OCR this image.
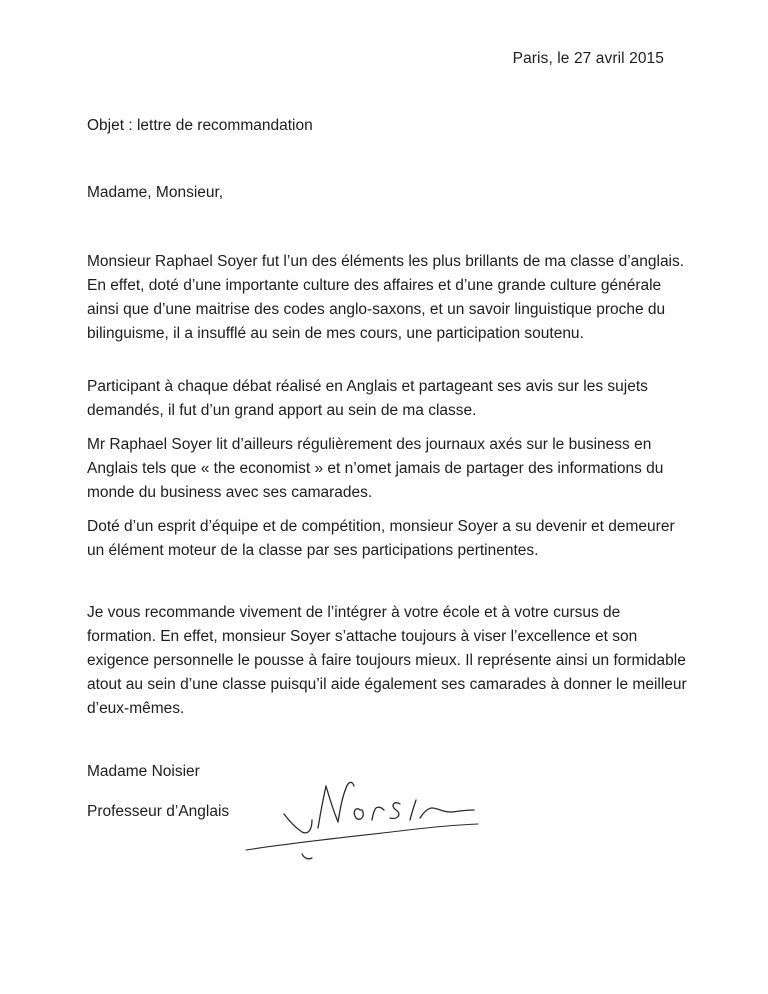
Paris, le 27 avril 2015
Objet : lettre de recommandation
Madame, Monsieur,

Monsieur Raphael Soyer fut l’un des éléments les plus brillants de ma classe d’anglais. En effet, doté d’une importante culture des affaires et d’une grande culture générale ainsi que d’une maitrise des codes anglo-saxons, et un savoir linguistique proche du bilinguisme, il a insufflé au sein de mes cours, une participation soutenu.

Participant à chaque débat réalisé en Anglais et partageant ses avis sur les sujets demandés, il fut d’un grand apport au sein de ma classe.

Mr Raphael Soyer lit d’ailleurs régulièrement des journaux axés sur le business en Anglais tels que « the economist » et n’omet jamais de partager des informations du monde du business avec ses camarades.

Doté d’un esprit d’équipe et de compétition, monsieur Soyer a su devenir et demeurer un élément moteur de la classe par ses participations pertinentes.

Je vous recommande vivement de l’intégrer à votre école et à votre cursus de formation. En effet, monsieur Soyer s’attache toujours à viser l’excellence et son exigence personnelle le pousse à faire toujours mieux. Il représente ainsi un formidable atout au sein d’une classe puisqu’il aide également ses camarades à donner le meilleur d’eux-mêmes.

Madame Noisier
Professeur d’Anglais
